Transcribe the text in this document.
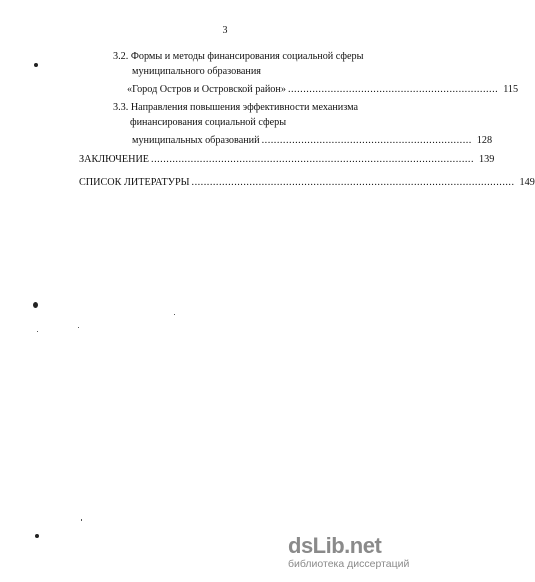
3
3.2. Формы и методы финансирования социальной сферы
муниципального образования
«Город Остров и Островской район» ..................................................................... 115
3.3. Направления повышения эффективности механизма
финансирования социальной сферы
муниципальных образований ..................................................................... 128
ЗАКЛЮЧЕНИЕ .......................................................................................................... 139
СПИСОК ЛИТЕРАТУРЫ .......................................................................................................... 149
dsLib.net
библиотека диссертаций
